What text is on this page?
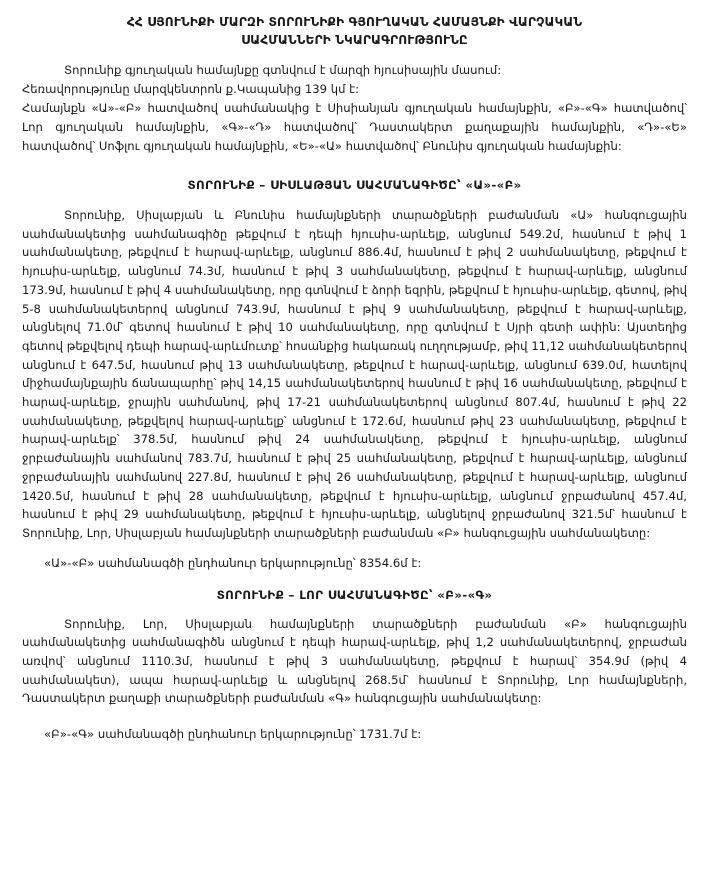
ՀՀ ՍՅՈՒՆԻՔԻ ՄԱՐԶԻ ՏՈՐՈՒՆԻՔԻ ԳՅՈՒՂԱԿԱՆ ՀԱՄԱՅՆՔԻ ՎԱՐՉԱԿԱՆ
ՍԱՀՄԱՆՆԵՐԻ ՆԿԱՐԱԳՐՈՒԹՅՈՒՆԸ

Տորունիք գյուղական համայնքը գտնվում է մարզի հյուսիսային մասում:

Հեռավորությունը մարզկենտրոն ք.Կապանից 139 կմ է:

Համայնքն «Ա»-«Բ» հատվածով սահմանակից է Սիսիանյան գյուղական համայնքին, «Բ»-«Գ» հատվածով՝ Լոր գյուղական համայնքին, «Գ»-«Դ» հատվածով՝ Դաստակերտ քաղաքային համայնքին, «Դ»-«Ե» հատվածով՝ Սոֆլու գյուղական համայնքին, «Ե»-«Ա» հատվածով՝ Բնունիս գյուղական համայնքին:

ՏՈՐՈՒՆԻՔ – ՍԻՍԼԱԹՅԱՆ ՍԱՀՄԱՆԱԳԻԾԸ՝ «Ա»-«Բ»

Տորունիք, Սիսլաբյան և Բնունիս համայնքների տարածքների բաժանման «Ա» հանգուցային սահմանակետից սահմանագիծը թեքվում է դեպի հյուսիս-արևելք, անցնում 549.2մ, հասնում է թիվ 1 սահմանակետը, թեքվում է հարավ-արևելք, անցնում 886.4մ, հասնում է թիվ 2 սահմանակետը, թեքվում է հյուսիս-արևելք, անցնում 74.3մ, հասնում է թիվ 3 սահմանակետը, թեքվում է հարավ-արևելք, անցնում 173.9մ, հասնում է թիվ 4 սահմանակետը, որը գտնվում է ձորի եզրին, թեքվում է հյուսիս-արևելք, գետով, թիվ 5-8 սահմանակետերով անցնում 743.9մ, հասնում է թիվ 9 սահմանակետը, թեքվում է հարավ-արևելք, անցնելով 71.0մ՝ գետով հասնում է թիվ 10 սահմանակետը, որը գտնվում է Սյրի գետի ափին: Այստեղից գետով թեքվելով դեպի հարավ-արևմուտք՝ հոսանքից հակառակ ուղղությամբ, թիվ 11,12 սահմանակետերով անցնում է 647.5մ, հասնում թիվ 13 սահմանակետը, թեքվում է հարավ-արևելք, անցնում 639.0մ, հատելով միջհամայնքային ճանապարհը՝ թիվ 14,15 սահմանակետերով հասնում է թիվ 16 սահմանակետը, թեքվում է հարավ-արևելք, ջրային սահմանով, թիվ 17-21 սահմանակետերով անցնում 807.4մ, հասնում է թիվ 22 սահմանակետը, թեքվելով հարավ-արևելք՝ անցնում է 172.6մ, հասնում թիվ 23 սահմանակետը, թեքվում է հարավ-արևելք՝ 378.5մ, հասնում թիվ 24 սահմանակետը, թեքվում է հյուսիս-արևելք, անցնում ջրբաժանային սահմանով 783.7մ, հասնում է թիվ 25 սահմանակետը, թեքվում է հարավ-արևելք, անցնում ջրբաժանային սահմանով 227.8մ, հասնում է թիվ 26 սահմանակետը, թեքվում է հարավ-արևելք, անցնում 1420.5մ, հասնում է թիվ 28 սահմանակետը, թեքվում է հյուսիս-արևելք, անցնում ջրբաժանով 457.4մ, հասնում է թիվ 29 սահմանակետը, թեքվում է հյուսիս-արևելք, անցնելով ջրբաժանով 321.5մ՝ հասնում է Տորունիք, Լոր, Սիսլաբյան համայնքների տարածքների բաժանման «Բ» հանգուցային սահմանակետը:

«Ա»-«Բ» սահմանագծի ընդհանուր երկարությունը՝ 8354.6մ է:

ՏՈՐՈՒՆԻՔ – ԼՈՐ ՍԱՀՄԱՆԱԳԻԾԸ՝ «Բ»-«Գ»

Տորունիք, Լոր, Սիսլաբյան համայնքների տարածքների բաժանման «Բ» հանգուցային սահմանակետից սահմանագիծն անցնում է դեպի հարավ-արևելք, թիվ 1,2 սահմանակետերով, ջրբաժան առվով՝ անցնում 1110.3մ, հասնում է թիվ 3 սահմանակետը, թեքվում է հարավ՝ 354.9մ (թիվ 4 սահմանակետ), ապա հարավ-արևելք և անցնելով 268.5մ՝ հասնում է Տորունիք, Լոր համայնքների, Դաստակերտ քաղաքի տարածքների բաժանման «Գ» հանգուցային սահմանակետը:

«Բ»-«Գ» սահմանագծի ընդհանուր երկարությունը՝ 1731.7մ է:
